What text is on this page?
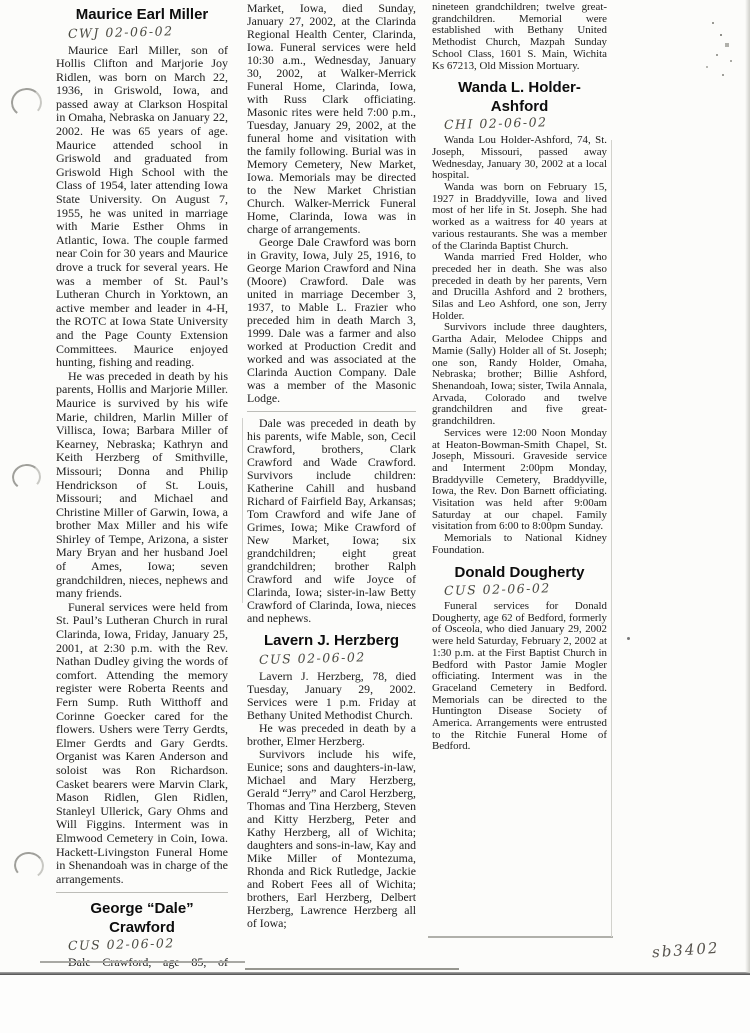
Maurice Earl Miller
CWJ 02-06-02

Maurice Earl Miller, son of Hollis Clifton and Marjorie Joy Ridlen, was born on March 22, 1936, in Griswold, Iowa, and passed away at Clarkson Hospital in Omaha, Nebraska on January 22, 2002. He was 65 years of age. Maurice attended school in Griswold and graduated from Griswold High School with the Class of 1954, later attending Iowa State University. On August 7, 1955, he was united in marriage with Marie Esther Ohms in Atlantic, Iowa. The couple farmed near Coin for 30 years and Maurice drove a truck for several years. He was a member of St. Paul’s Lutheran Church in Yorktown, an active member and leader in 4-H, the ROTC at Iowa State University and the Page County Extension Committees. Maurice enjoyed hunting, fishing and reading.

He was preceded in death by his parents, Hollis and Marjorie Miller. Maurice is survived by his wife Marie, children, Marlin Miller of Villisca, Iowa; Barbara Miller of Kearney, Nebraska; Kathryn and Keith Herzberg of Smithville, Missouri; Donna and Philip Hendrickson of St. Louis, Missouri; and Michael and Christine Miller of Garwin, Iowa, a brother Max Miller and his wife Shirley of Tempe, Arizona, a sister Mary Bryan and her husband Joel of Ames, Iowa; seven grandchildren, nieces, nephews and many friends.

Funeral services were held from St. Paul’s Lutheran Church in rural Clarinda, Iowa, Friday, January 25, 2001, at 2:30 p.m. with the Rev. Nathan Dudley giving the words of comfort. Attending the memory register were Roberta Reents and Fern Sump. Ruth Witthoff and Corinne Goecker cared for the flowers. Ushers were Terry Gerdts, Elmer Gerdts and Gary Gerdts. Organist was Karen Anderson and soloist was Ron Richardson. Casket bearers were Marvin Clark, Mason Ridlen, Glen Ridlen, Stanleyl Ullerick, Gary Ohms and Will Figgins. Interment was in Elmwood Cemetery in Coin, Iowa. Hackett-Livingston Funeral Home in Shenandoah was in charge of the arrangements.

George “Dale” Crawford
CUS 02-06-02

Market, Iowa, died Sunday, January 27, 2002, at the Clarinda Regional Health Center, Clarinda, Iowa. Funeral services were held 10:30 a.m., Wednesday, January 30, 2002, at Walker-Merrick Funeral Home, Clarinda, Iowa, with Russ Clark officiating. Masonic rites were held 7:00 p.m., Tuesday, January 29, 2002, at the funeral home and visitation with the family following. Burial was in Memory Cemetery, New Market, Iowa. Memorials may be directed to the New Market Christian Church. Walker-Merrick Funeral Home, Clarinda, Iowa was in charge of arrangements.

George Dale Crawford was born in Gravity, Iowa, July 25, 1916, to George Marion Crawford and Nina (Moore) Crawford. Dale was united in marriage December 3, 1937, to Mable L. Frazier who preceded him in death March 3, 1999. Dale was a farmer and also worked at Production Credit and worked and was associated at the Clarinda Auction Company. Dale was a member of the Masonic Lodge.

Dale was preceded in death by his parents, wife Mable, son, Cecil Crawford, brothers, Clark Crawford and Wade Crawford. Survivors include children: Katherine Cahill and husband Richard of Fairfield Bay, Arkansas; Tom Crawford and wife Jane of Grimes, Iowa; Mike Crawford of New Market, Iowa; six grandchildren; eight great grandchildren; brother Ralph Crawford and wife Joyce of Clarinda, Iowa; sister-in-law Betty Crawford of Clarinda, Iowa, nieces and nephews.

Lavern J. Herzberg
CUS 02-06-02

Lavern J. Herzberg, 78, died Tuesday, January 29, 2002. Services were 1 p.m. Friday at Bethany United Methodist Church.

He was preceded in death by a brother, Elmer Herzberg.

Survivors include his wife, Eunice; sons and daughters-in-law, Michael and Mary Herzberg, Gerald “Jerry” and Carol Herzberg, Thomas and Tina Herzberg, Steven and Kitty Herzberg, Peter and Kathy Herzberg, all of Wichita; daughters and sons-in-law, Kay and Mike Miller of Montezuma, Rhonda and Rick Rutledge, Jackie and Robert Fees all of Wichita; brothers, Earl Herzberg, Delbert Herzberg, Lawrence Herzberg all of Iowa;

nineteen grandchildren; twelve great-grandchildren. Memorial were established with Bethany United Methodist Church, Mazpah Sunday School Class, 1601 S. Main, Wichita Ks 67213, Old Mission Mortuary.

Wanda L. Holder-Ashford
CHI 02-06-02

Wanda Lou Holder-Ashford, 74, St. Joseph, Missouri, passed away Wednesday, January 30, 2002 at a local hospital.

Wanda was born on February 15, 1927 in Braddyville, Iowa and lived most of her life in St. Joseph. She had worked as a waitress for 40 years at various restaurants. She was a member of the Clarinda Baptist Church.

Wanda married Fred Holder, who preceded her in death. She was also preceded in death by her parents, Vern and Drucilla Ashford and 2 brothers, Silas and Leo Ashford, one son, Jerry Holder.

Survivors include three daughters, Gartha Adair, Melodee Chipps and Mamie (Sally) Holder all of St. Joseph; one son, Randy Holder, Omaha, Nebraska; brother; Billie Ashford, Shenandoah, Iowa; sister, Twila Annala, Arvada, Colorado and twelve grandchildren and five great-grandchildren.

Services were 12:00 Noon Monday at Heaton-Bowman-Smith Chapel, St. Joseph, Missouri. Graveside service and Interment 2:00pm Monday, Braddyville Cemetery, Braddyville, Iowa, the Rev. Don Barnett officiating. Visitation was held after 9:00am Saturday at our chapel. Family visitation from 6:00 to 8:00pm Sunday.

Memorials to National Kidney Foundation.

Donald Dougherty
CUS 02-06-02

Funeral services for Donald Dougherty, age 62 of Bedford, formerly of Osceola, who died January 29, 2002 were held Saturday, February 2, 2002 at 1:30 p.m. at the First Baptist Church in Bedford with Pastor Jamie Mogler officiating. Interment was in the Graceland Cemetery in Bedford. Memorials can be directed to the Huntington Disease Society of America. Arrangements were entrusted to the Ritchie Funeral Home of Bedford.

sb3402
